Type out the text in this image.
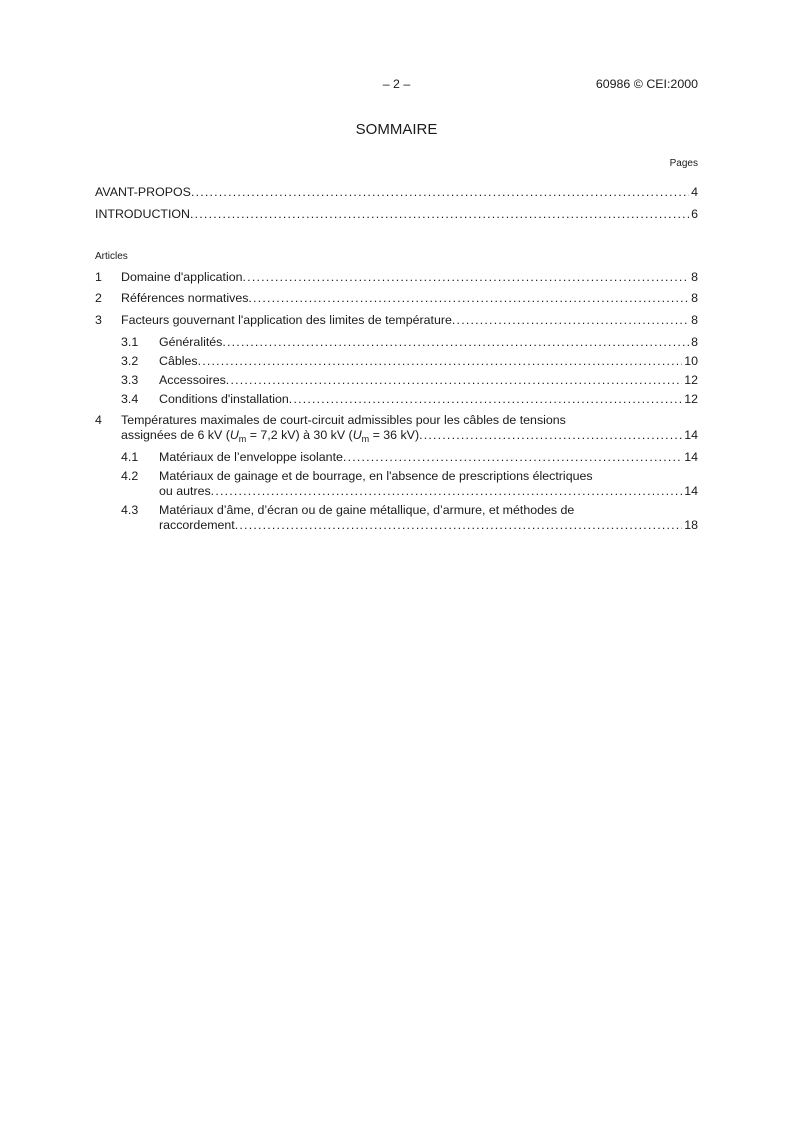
– 2 –	60986 © CEI:2000
SOMMAIRE
Pages
AVANT-PROPOS .....	4
INTRODUCTION .....	6
Articles
1	Domaine d'application .....	8
2	Références normatives .....	8
3	Facteurs gouvernant l'application des limites de température .....	8
3.1	Généralités .....	8
3.2	Câbles .....	10
3.3	Accessoires .....	12
3.4	Conditions d'installation .....	12
4 Températures maximales de court-circuit admissibles pour les câbles de tensions
assignées de 6 kV ($U_m = 7,2$ kV) à 30 kV ($U_m = 36$ kV) .....	14
4.1	Matériaux de l’enveloppe isolante .....	14
4.2 Matériaux de gainage et de bourrage, en l'absence de prescriptions électriques
ou autres .....	14
4.3 Matériaux d’âme, d’écran ou de gaine métallique, d’armure, et méthodes de
raccordement .....	18
